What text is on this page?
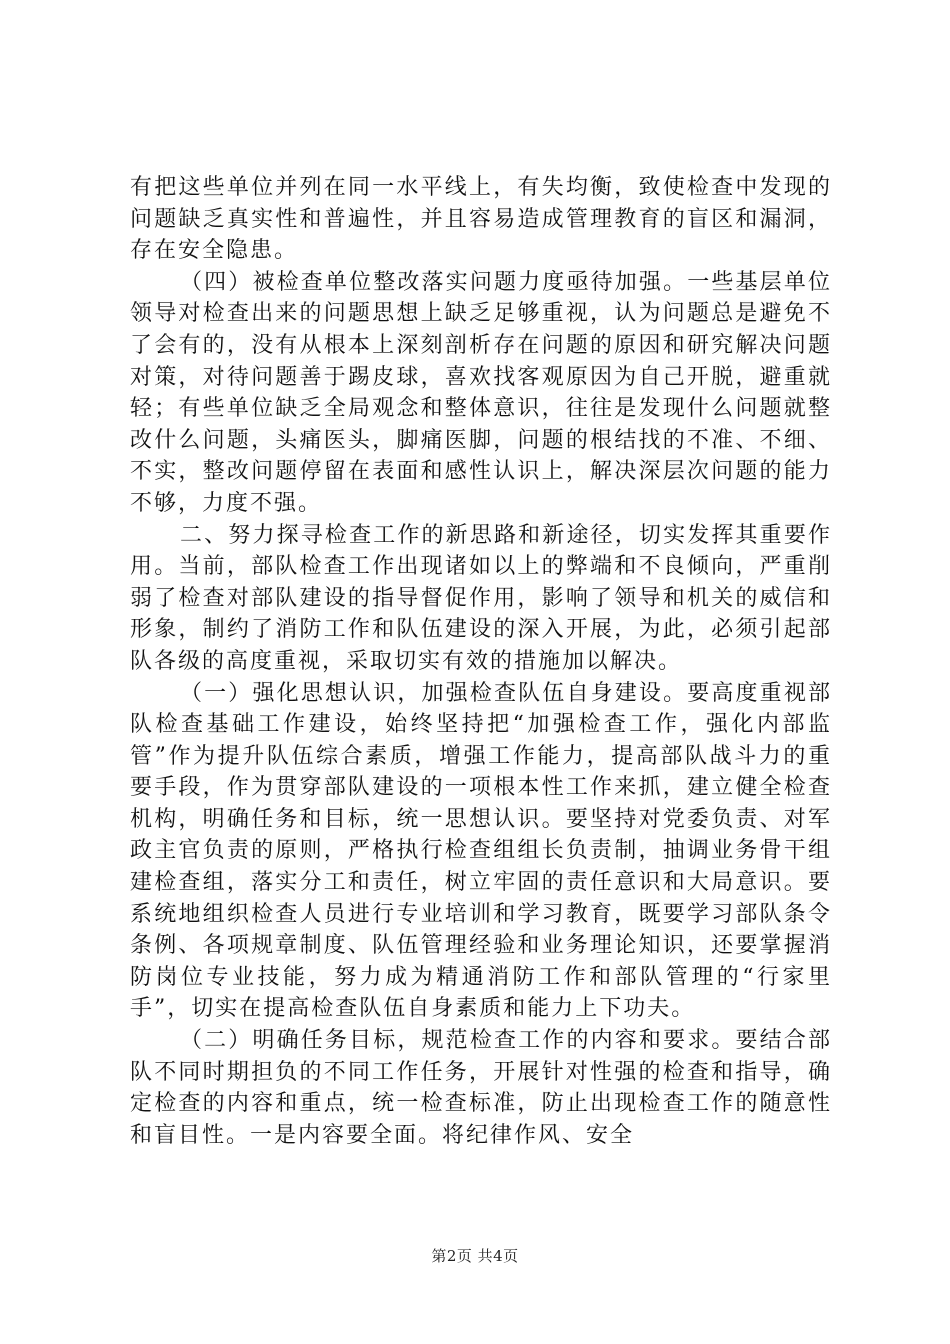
有把这些单位并列在同一水平线上，有失均衡，致使检查中发现的问题缺乏真实性和普遍性，并且容易造成管理教育的盲区和漏洞，存在安全隐患。

（四）被检查单位整改落实问题力度亟待加强。一些基层单位领导对检查出来的问题思想上缺乏足够重视，认为问题总是避免不了会有的，没有从根本上深刻剖析存在问题的原因和研究解决问题对策，对待问题善于踢皮球，喜欢找客观原因为自己开脱，避重就轻；有些单位缺乏全局观念和整体意识，往往是发现什么问题就整改什么问题，头痛医头，脚痛医脚，问题的根结找的不准、不细、不实，整改问题停留在表面和感性认识上，解决深层次问题的能力不够，力度不强。

二、努力探寻检查工作的新思路和新途径，切实发挥其重要作用。当前，部队检查工作出现诸如以上的弊端和不良倾向，严重削弱了检查对部队建设的指导督促作用，影响了领导和机关的威信和形象，制约了消防工作和队伍建设的深入开展，为此，必须引起部队各级的高度重视，采取切实有效的措施加以解决。

（一）强化思想认识，加强检查队伍自身建设。要高度重视部队检查基础工作建设，始终坚持把“加强检查工作，强化内部监管”作为提升队伍综合素质，增强工作能力，提高部队战斗力的重要手段，作为贯穿部队建设的一项根本性工作来抓，建立健全检查机构，明确任务和目标，统一思想认识。要坚持对党委负责、对军政主官负责的原则，严格执行检查组组长负责制，抽调业务骨干组建检查组，落实分工和责任，树立牢固的责任意识和大局意识。要系统地组织检查人员进行专业培训和学习教育，既要学习部队条令条例、各项规章制度、队伍管理经验和业务理论知识，还要掌握消防岗位专业技能，努力成为精通消防工作和部队管理的“行家里手”，切实在提高检查队伍自身素质和能力上下功夫。

（二）明确任务目标，规范检查工作的内容和要求。要结合部队不同时期担负的不同工作任务，开展针对性强的检查和指导，确定检查的内容和重点，统一检查标准，防止出现检查工作的随意性和盲目性。一是内容要全面。将纪律作风、安全

第2页 共4页
